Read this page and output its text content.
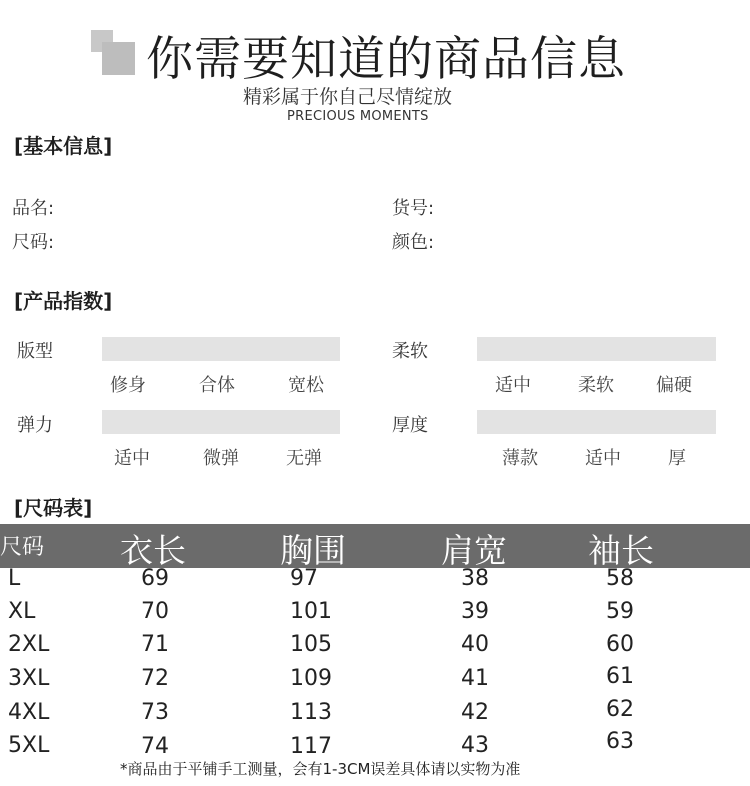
你需要知道的商品信息
精彩属于你自己尽情绽放
PRECIOUS MOMENTS
[基本信息]
品名:	货号:
尺码:	颜色:
[产品指数]
版型
修身	合体	宽松
柔软
适中	柔软 偏硬
弹力
适中	微弹	无弹
厚度
薄款	适中	厚
[尺码表]
尺码 衣长	胸围	肩宽 袖长
L	69	97	38	58
XL	70	101	39	59
2XL	71	105	40	60
3XL	72	109	41	61
4XL	73	113	42	62
5XL	74	117	43	63
*商品由于平铺手工测量，会有1-3CM误差具体请以实物为准
